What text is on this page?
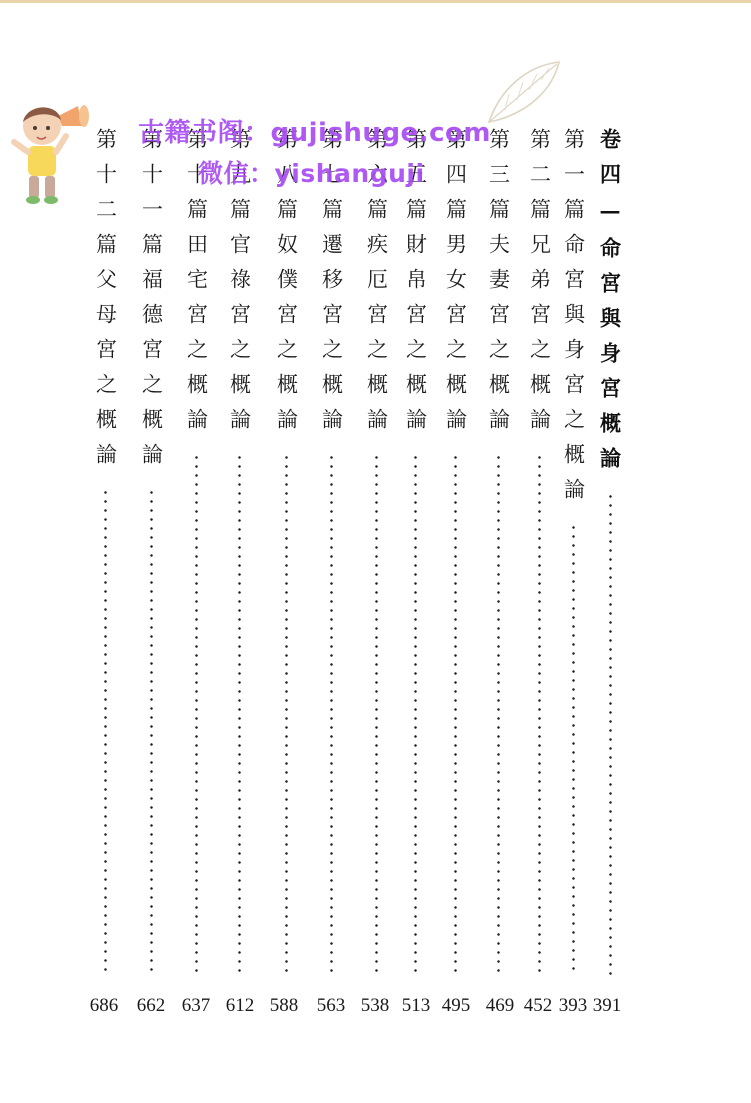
卷四—命宮與身宮概論
391
第一篇命宮與身宮之概論
393
第二篇兄弟宮之概論
452
第三篇夫妻宮之概論
469
第四篇男女宮之概論
495
第五篇財帛宮之概論
513
第六篇疾厄宮之概論
538
第七篇遷移宮之概論
563
第八篇奴僕宮之概論
588
第九篇官祿宮之概論
612
第十篇田宅宮之概論
637
第十一篇福德宮之概論
662
第十二篇父母宮之概論
686
古籍书阁：gujishuge.com
微信：yishanguji
